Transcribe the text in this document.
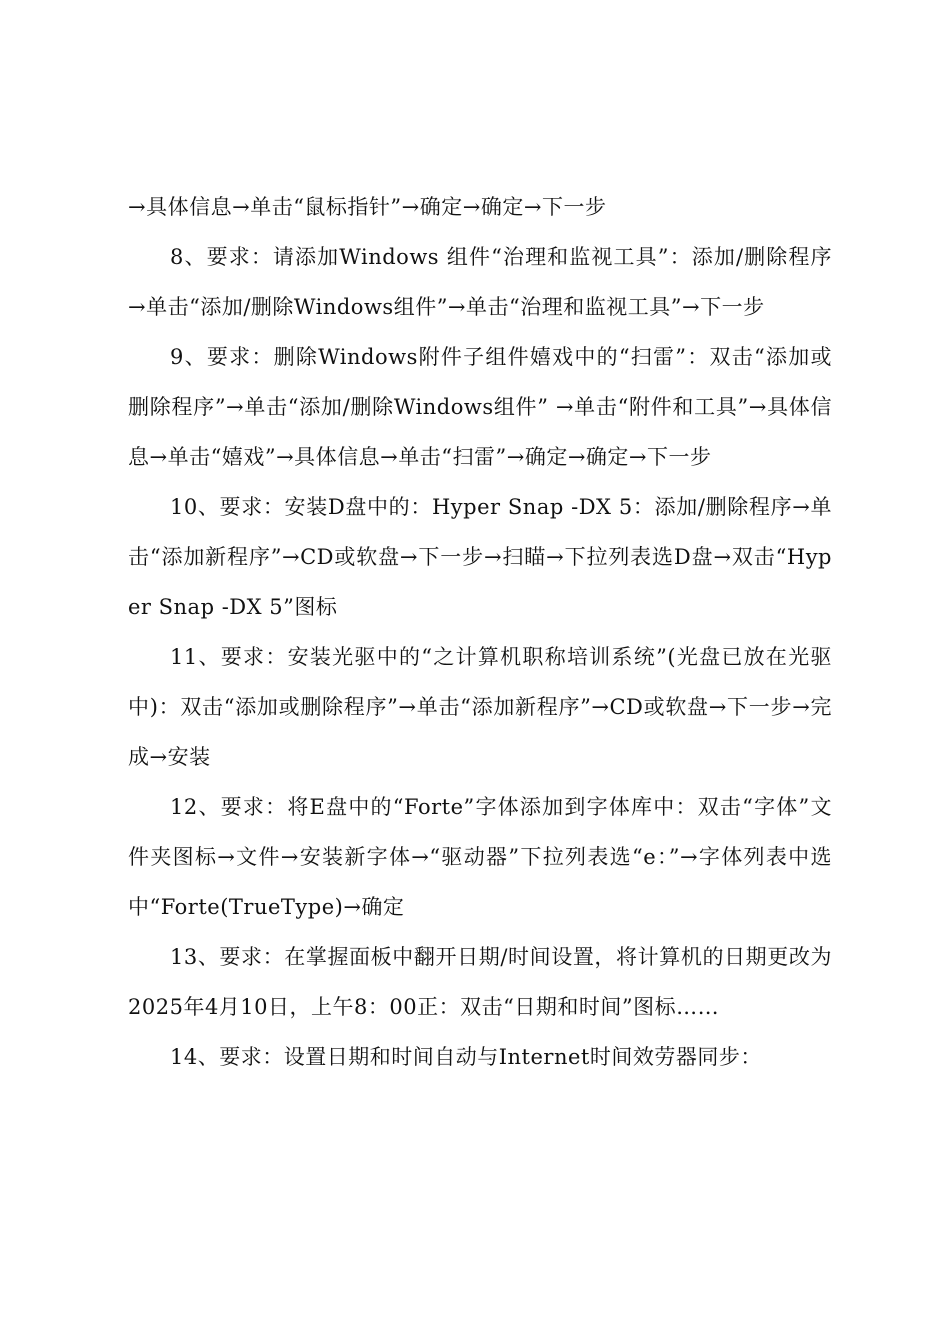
→具体信息→单击“鼠标指针”→确定→确定→下一步

8、要求：请添加Windows 组件“治理和监视工具”：添加/删除程序→单击“添加/删除Windows组件”→单击“治理和监视工具”→下一步

9、要求：删除Windows附件子组件嬉戏中的“扫雷”：双击“添加或删除程序”→单击“添加/删除Windows组件” →单击“附件和工具”→具体信息→单击“嬉戏”→具体信息→单击“扫雷”→确定→确定→下一步

10、要求：安装D盘中的：Hyper Snap -DX 5：添加/删除程序→单击“添加新程序”→CD或软盘→下一步→扫瞄→下拉列表选D盘→双击“Hyper Snap -DX 5”图标

11、要求：安装光驱中的“之计算机职称培训系统”(光盘已放在光驱中)：双击“添加或删除程序”→单击“添加新程序”→CD或软盘→下一步→完成→安装

12、要求：将E盘中的“Forte”字体添加到字体库中：双击“字体”文件夹图标→文件→安装新字体→“驱动器”下拉列表选“e：”→字体列表中选中“Forte(TrueType)→确定

13、要求：在掌握面板中翻开日期/时间设置，将计算机的日期更改为2025年4月10日，上午8：00正：双击“日期和时间”图标……

14、要求：设置日期和时间自动与Internet时间效劳器同步：
